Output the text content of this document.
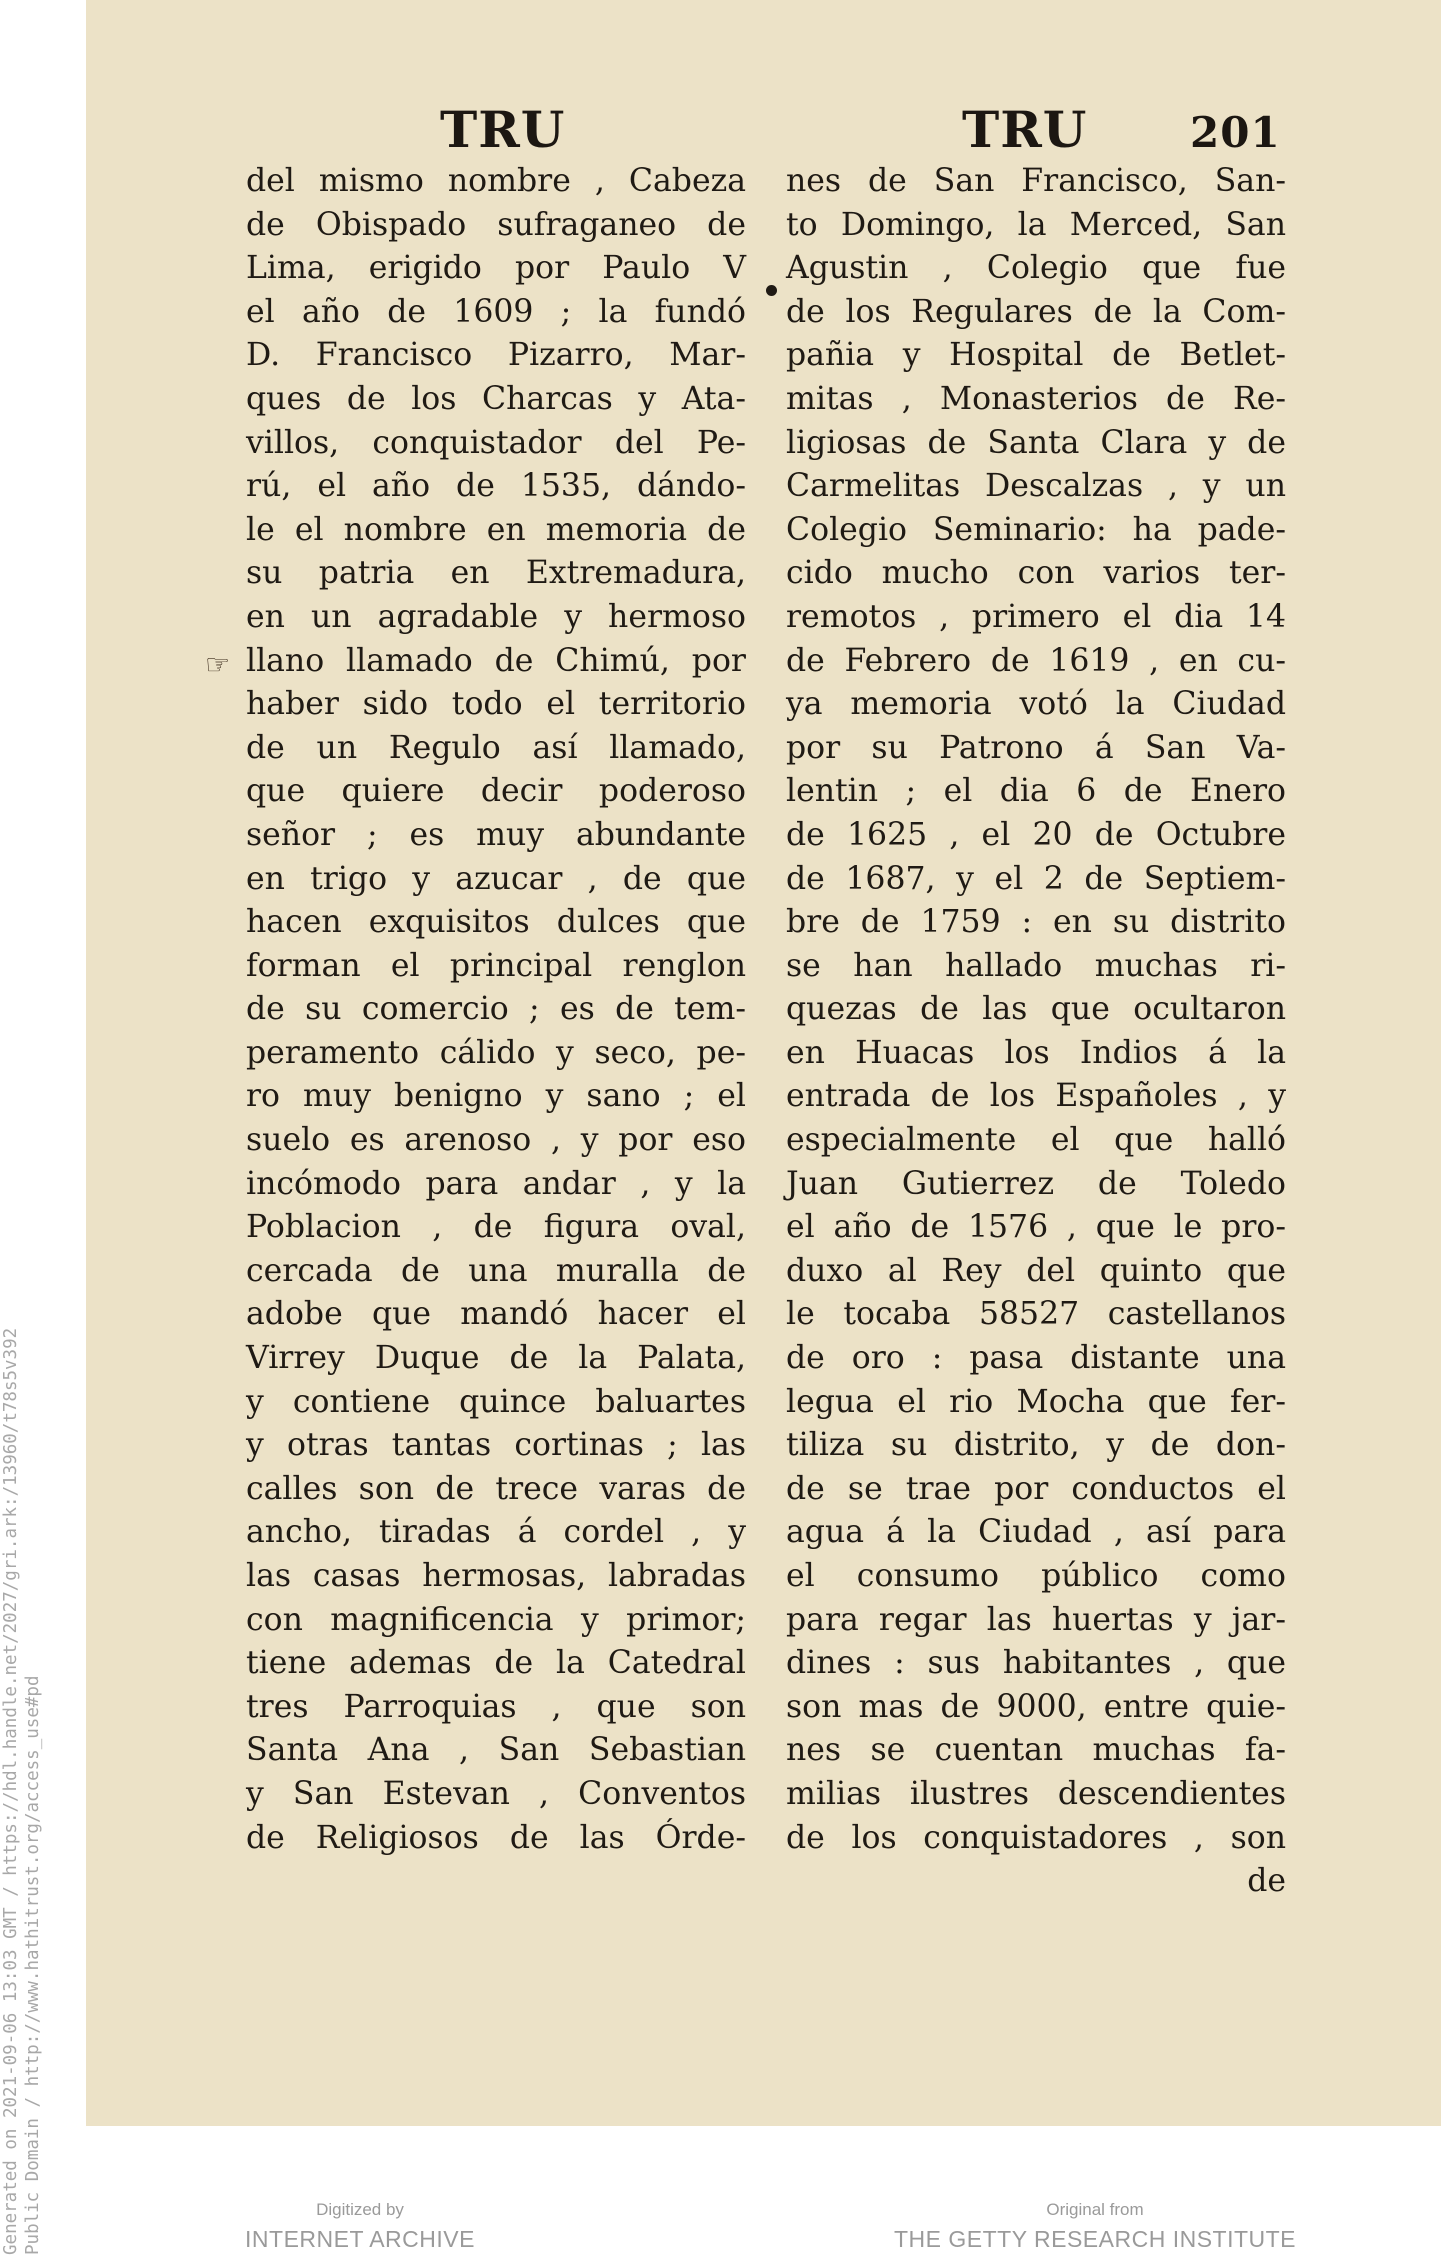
TRU	TRU 201
del mismo nombre , Cabeza
de Obispado sufraganeo de
Lima, erigido por Paulo V
el año de 1609 ; la fundó
D. Francisco Pizarro, Mar-
ques de los Charcas y Ata-
villos, conquistador del Pe-
rú, el año de 1535, dándo-
le el nombre en memoria de
su patria en Extremadura,
en un agradable y hermoso
llano llamado de Chimú, por
haber sido todo el territorio
de un Regulo así llamado,
que quiere decir poderoso
señor ; es muy abundante
en trigo y azucar , de que
hacen exquisitos dulces que
forman el principal renglon
de su comercio ; es de tem-
peramento cálido y seco, pe-
ro muy benigno y sano ; el
suelo es arenoso , y por eso
incómodo para andar , y la
Poblacion , de figura oval,
cercada de una muralla de
adobe que mandó hacer el
Virrey Duque de la Palata,
y contiene quince baluartes
y otras tantas cortinas ; las
calles son de trece varas de
ancho, tiradas á cordel , y
las casas hermosas, labradas
con magnificencia y primor;
tiene ademas de la Catedral
tres Parroquias , que son
Santa Ana , San Sebastian
y San Estevan , Conventos
de Religiosos de las Órde-
nes de San Francisco, San-
to Domingo, la Merced, San
Agustin , Colegio que fue
de los Regulares de la Com-
pañia y Hospital de Betlet-
mitas , Monasterios de Re-
ligiosas de Santa Clara y de
Carmelitas Descalzas , y un
Colegio Seminario: ha pade-
cido mucho con varios ter-
remotos , primero el dia 14
de Febrero de 1619 , en cu-
ya memoria votó la Ciudad
por su Patrono á San Va-
lentin ; el dia 6 de Enero
de 1625 , el 20 de Octubre
de 1687, y el 2 de Septiem-
bre de 1759 : en su distrito
se han hallado muchas ri-
quezas de las que ocultaron
en Huacas los Indios á la
entrada de los Españoles , y
especialmente el que halló
Juan Gutierrez de Toledo
el año de 1576 , que le pro-
duxo al Rey del quinto que
le tocaba 58527 castellanos
de oro : pasa distante una
legua el rio Mocha que fer-
tiliza su distrito, y de don-
de se trae por conductos el
agua á la Ciudad , así para
el consumo público como
para regar las huertas y jar-
dines : sus habitantes , que
son mas de 9000, entre quie-
nes se cuentan muchas fa-
milias ilustres descendientes
de los conquistadores , son
de
☞
Generated on 2021-09-06 13:03 GMT / https://hdl.handle.net/2027/gri.ark:/13960/t78s5v392 Public Domain / http://www.hathitrust.org/access_use#pd	Digitized by
INTERNET ARCHIVE
Original from
THE GETTY RESEARCH INSTITUTE
